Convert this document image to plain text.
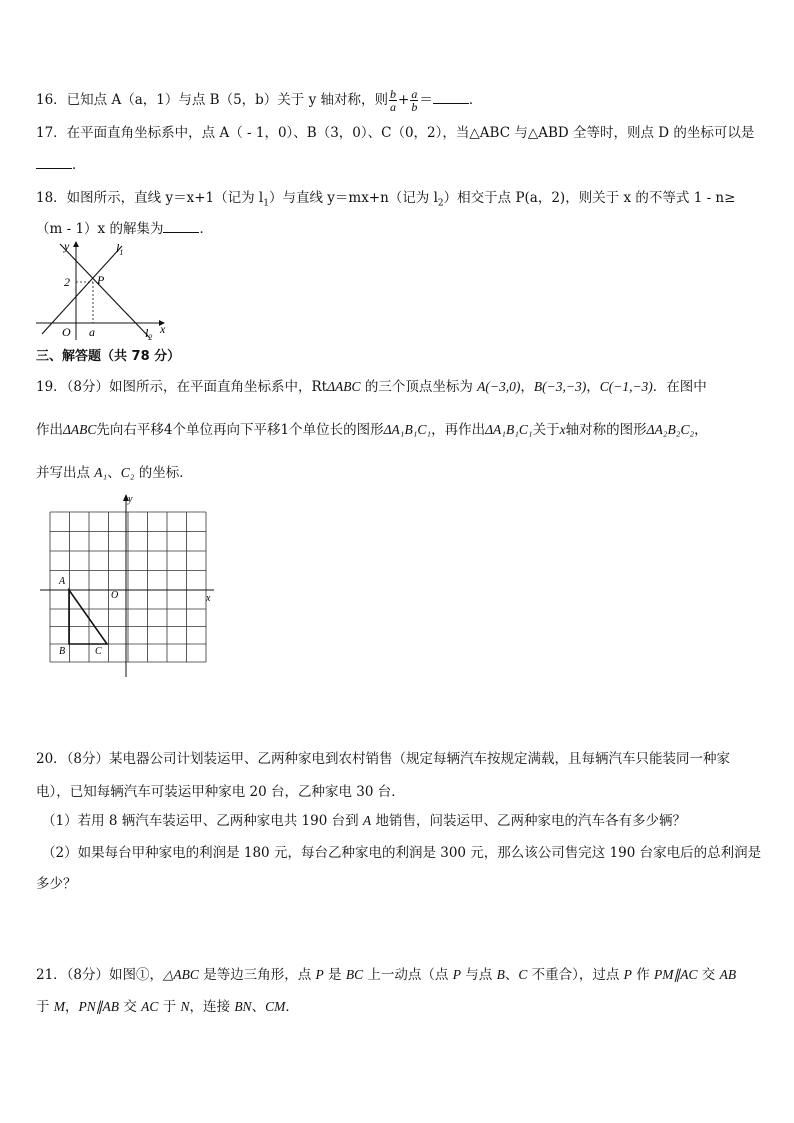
16．已知点 A（a，1）与点 B（5，b）关于 y 轴对称，则 $\frac{b}{a} + \frac{a}{b}$ ＝	．
17．在平面直角坐标系中，点 A（ - 1，0）、B（3，0）、C（0，2），当△ABC 与△ABD 全等时，则点 D 的坐标可以是
．
18．如图所示，直线 y＝x+1（记为 $l_1$）与直线 y＝mx+n（记为 $l_2$）相交于点 P(a，2)，则关于 x 的不等式 1 - n≥
（m - 1）x 的解集为	．
y
x
$l_1$
$l_2$
P
2
O a
三、解答题（共 78 分）
19．（8分）如图所示，在平面直角坐标系中，RtΔABC 的三个顶点坐标为 A(−3,0)，B(−3,−3)，C(−1,−3)．在图中
作出ΔABC先向右平移4个单位再向下平移1个单位长的图形ΔA₁B₁C₁，再作出ΔA₁B₁C₁关于x轴对称的图形ΔA₂B₂C₂，
并写出点 A₁、C₂ 的坐标．
y
x
O
A
B	C
20．（8分）某电器公司计划装运甲、乙两种家电到农村销售（规定每辆汽车按规定满载，且每辆汽车只能装同一种家
电），已知每辆汽车可装运甲种家电 20 台，乙种家电 30 台．
（1）若用 8 辆汽车装运甲、乙两种家电共 190 台到 A 地销售，问装运甲、乙两种家电的汽车各有多少辆？
（2）如果每台甲种家电的利润是 180 元，每台乙种家电的利润是 300 元，那么该公司售完这 190 台家电后的总利润是
多少？
21．（8分）如图①，△ABC 是等边三角形，点 P 是 BC 上一动点（点 P 与点 B、C 不重合），过点 P 作 PM∥AC 交 AB
于 M，PN∥AB 交 AC 于 N，连接 BN、CM．
